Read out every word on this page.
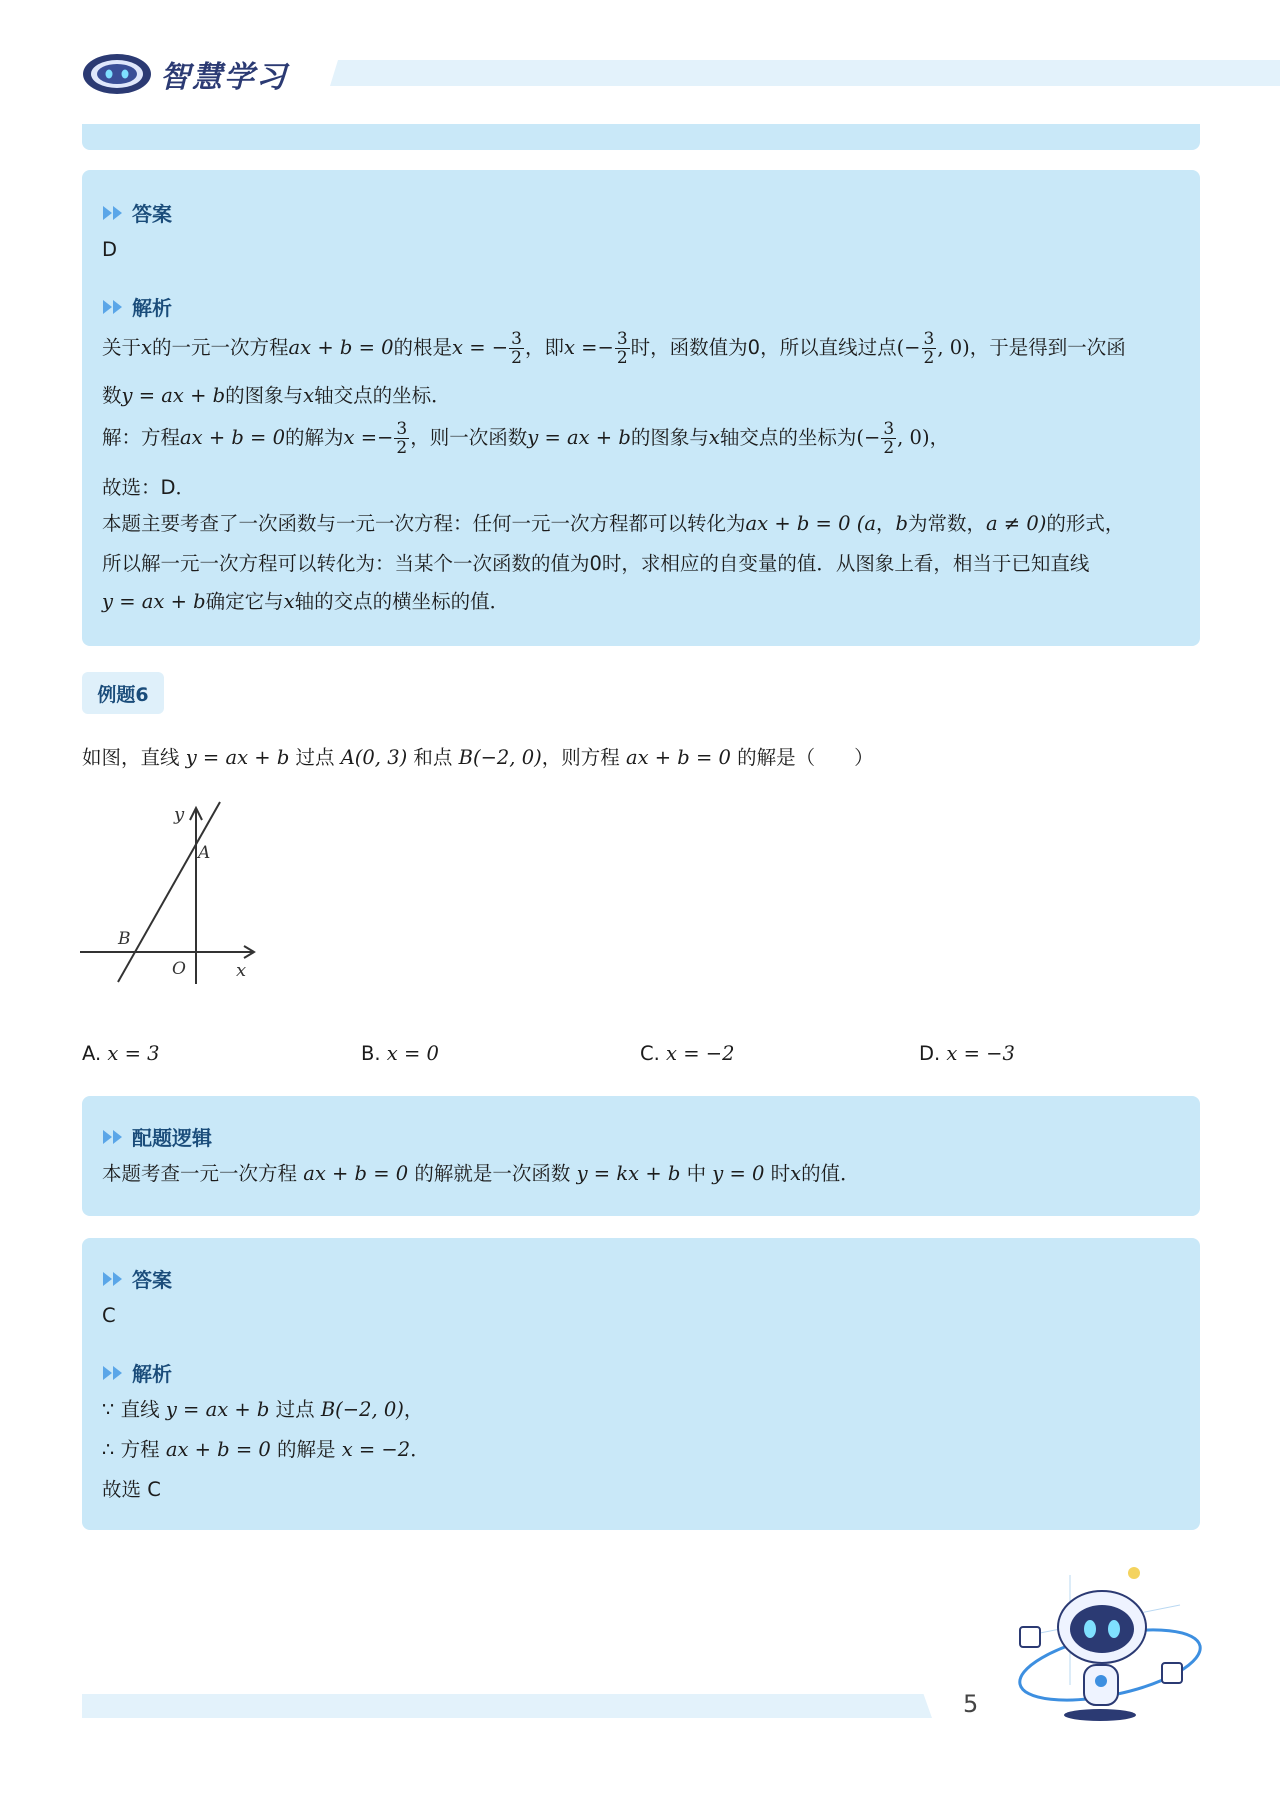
智慧学习
答案
D
解析
关于x的一元一次方程ax + b = 0的根是x = − $\frac{3}{2}$ ，即$x =- \frac{3}{2}$ 时，函数值为0，所以直线过点(− $\frac{3}{2}$ , 0)，于是得到一次函
数y = ax + b的图象与x轴交点的坐标．
解：方程ax + b = 0的解为$x =- \frac{3}{2}$ ，则一次函数y = ax + b的图象与x轴交点的坐标为(− $\frac{3}{2}$ , 0)，
故选：D．
本题主要考查了一次函数与一元一次方程：任何一元一次方程都可以转化为ax + b = 0 (a，b为常数，a ≠ 0)的形式，
所以解一元一次方程可以转化为：当某个一次函数的值为0时，求相应的自变量的值．从图象上看，相当于已知直线
y = ax + b确定它与x轴的交点的横坐标的值．
例题6
如图，直线 y = ax + b 过点 A(0, 3) 和点 B(−2, 0)，则方程 ax + b = 0 的解是（　　）
y
A
B
O	x
A. x = 3	B. x = 0	C. x = −2	D. x = −3
配题逻辑
本题考查一元一次方程 ax + b = 0 的解就是一次函数 y = kx + b 中 y = 0 时x的值．
答案
C
解析
∵ 直线 y = ax + b 过点 B(−2, 0)，
∴ 方程 ax + b = 0 的解是 x = −2．
故选 C
5
